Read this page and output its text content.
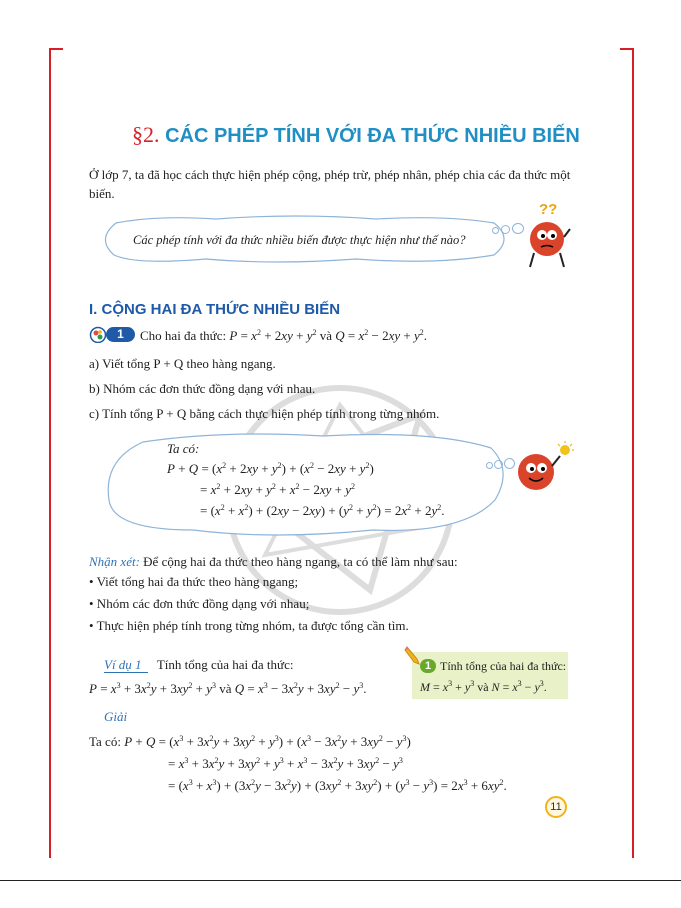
§2. CÁC PHÉP TÍNH VỚI ĐA THỨC NHIỀU BIẾN
Ở lớp 7, ta đã học cách thực hiện phép cộng, phép trừ, phép nhân, phép chia các đa thức một biến.
Các phép tính với đa thức nhiều biến được thực hiện như thế nào?
??
I. CỘNG HAI ĐA THỨC NHIỀU BIẾN
1	Cho hai đa thức: $P = x^2 + 2xy + y^2$ và $Q = x^2 - 2xy + y^2$.
a) Viết tổng P + Q theo hàng ngang.
b) Nhóm các đơn thức đồng dạng với nhau.
c) Tính tổng P + Q bằng cách thực hiện phép tính trong từng nhóm.
Ta có:
$P + Q = (x^2 + 2xy + y^2) + (x^2 - 2xy + y^2)$
= $x^2 + 2xy + y^2 + x^2 - 2xy + y^2$
= $(x^2 + x^2) + (2xy - 2xy) + (y^2 + y^2) = 2x^2 + 2y^2$.
Nhận xét: Để cộng hai đa thức theo hàng ngang, ta có thể làm như sau:
• Viết tổng hai đa thức theo hàng ngang;
• Nhóm các đơn thức đồng dạng với nhau;
• Thực hiện phép tính trong từng nhóm, ta được tổng cần tìm.
Ví dụ 1 Tính tổng của hai đa thức:
$P = x^3 + 3x^2y + 3xy^2 + y^3$ và $Q = x^3 - 3x^2y + 3xy^2 - y^3$.
1 Tính tổng của hai đa thức:
$M = x^3 + y^3$ và $N = x^3 - y^3$.
Giải
Ta có: $P + Q = (x^3 + 3x^2y + 3xy^2 + y^3) + (x^3 - 3x^2y + 3xy^2 - y^3)$
= $x^3 + 3x^2y + 3xy^2 + y^3 + x^3 - 3x^2y + 3xy^2 - y^3$
= $(x^3 + x^3) + (3x^2y - 3x^2y) + (3xy^2 + 3xy^2) + (y^3 - y^3) = 2x^3 + 6xy^2$.
11
